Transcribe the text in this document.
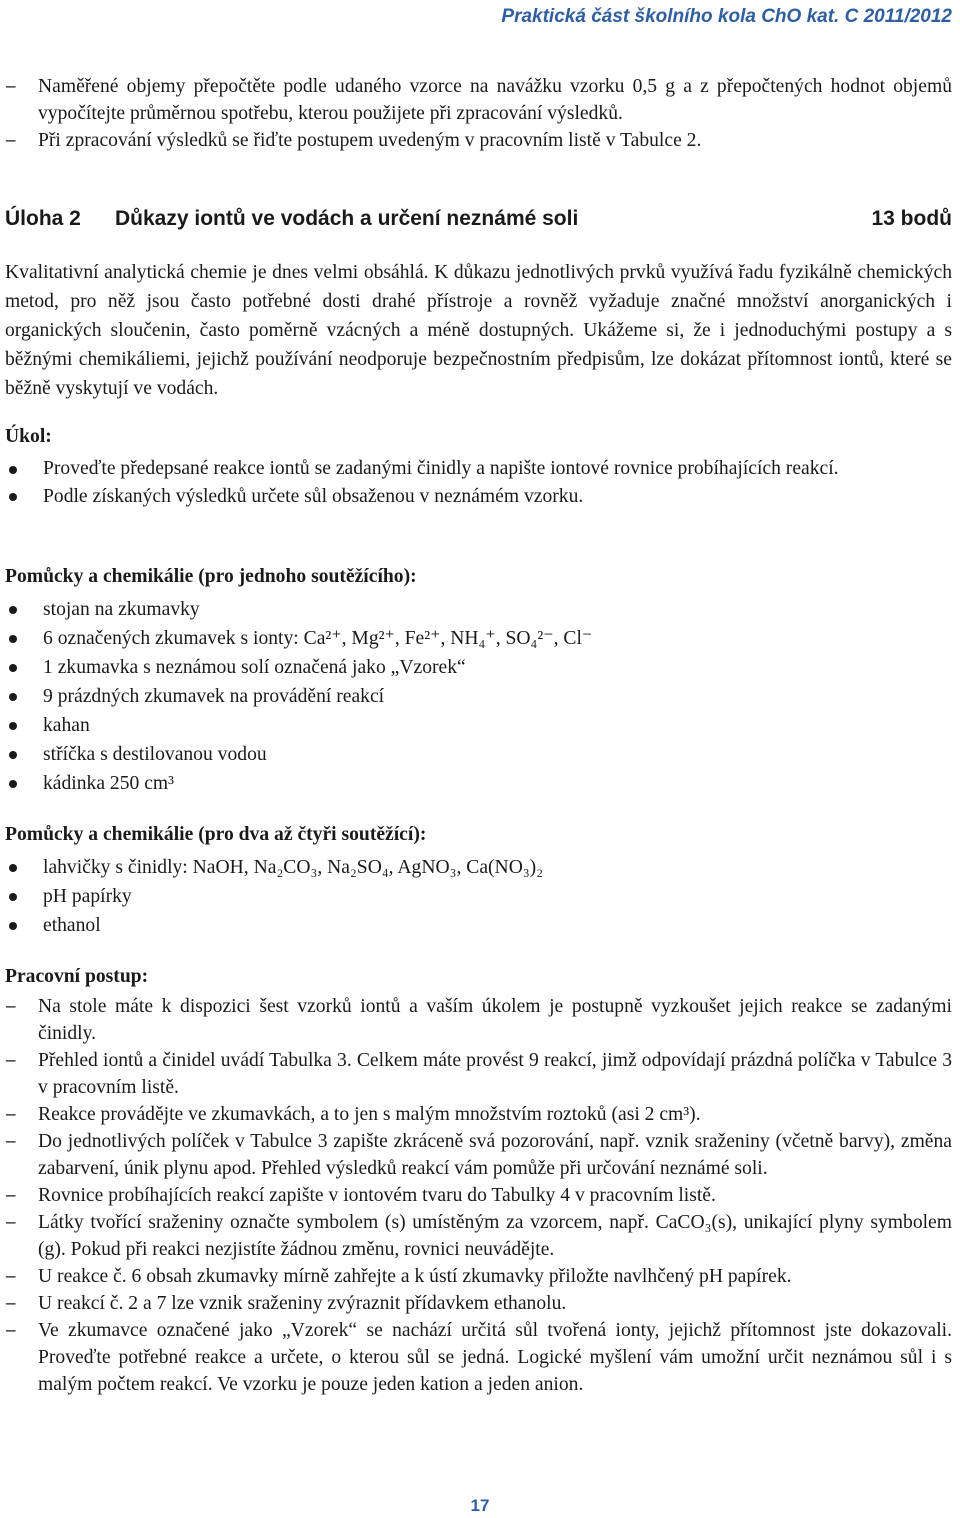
Praktická část školního kola ChO kat. C 2011/2012
‒ Naměřené objemy přepočtěte podle udaného vzorce na navážku vzorku 0,5 g a z přepočtených hodnot objemů vypočítejte průměrnou spotřebu, kterou použijete při zpracování výsledků.
‒ Při zpracování výsledků se řiďte postupem uvedeným v pracovním listě v Tabulce 2.
Úloha 2	Důkazy iontů ve vodách a určení neznámé soli	13 bodů

Kvalitativní analytická chemie je dnes velmi obsáhlá. K důkazu jednotlivých prvků využívá řadu fyzikálně chemických metod, pro něž jsou často potřebné dosti drahé přístroje a rovněž vyžaduje značné množství anorganických i organických sloučenin, často poměrně vzácných a méně dostupných. Ukážeme si, že i jednoduchými postupy a s běžnými chemikáliemi, jejichž používání neodporuje bezpečnostním předpisům, lze dokázat přítomnost iontů, které se běžně vyskytují ve vodách.

Úkol:
Proveďte předepsané reakce iontů se zadanými činidly a napište iontové rovnice probíhajících reakcí.
Podle získaných výsledků určete sůl obsaženou v neznámém vzorku.
Pomůcky a chemikálie (pro jednoho soutěžícího):
stojan na zkumavky
6 označených zkumavek s ionty: Ca²⁺, Mg²⁺, Fe²⁺, NH₄⁺, SO₄²⁻, Cl⁻
1 zkumavka s neznámou solí označená jako „Vzorek“
9 prázdných zkumavek na provádění reakcí
kahan
stříčka s destilovanou vodou
kádinka 250 cm³
Pomůcky a chemikálie (pro dva až čtyři soutěžící):
lahvičky s činidly: NaOH, Na₂CO₃, Na₂SO₄, AgNO₃, Ca(NO₃)₂
pH papírky
ethanol
Pracovní postup:
‒ Na stole máte k dispozici šest vzorků iontů a vaším úkolem je postupně vyzkoušet jejich reakce se zadanými činidly.
‒ Přehled iontů a činidel uvádí Tabulka 3. Celkem máte provést 9 reakcí, jimž odpovídají prázdná políčka v Tabulce 3 v pracovním listě.
‒ Reakce provádějte ve zkumavkách, a to jen s malým množstvím roztoků (asi 2 cm³).
‒ Do jednotlivých políček v Tabulce 3 zapište zkráceně svá pozorování, např. vznik sraženiny (včetně barvy), změna zabarvení, únik plynu apod. Přehled výsledků reakcí vám pomůže při určování neznámé soli.
‒ Rovnice probíhajících reakcí zapište v iontovém tvaru do Tabulky 4 v pracovním listě.
‒ Látky tvořící sraženiny označte symbolem (s) umístěným za vzorcem, např. CaCO₃(s), unikající plyny symbolem (g). Pokud při reakci nezjistíte žádnou změnu, rovnici neuvádějte.
‒ U reakce č. 6 obsah zkumavky mírně zahřejte a k ústí zkumavky přiložte navlhčený pH papírek.
‒ U reakcí č. 2 a 7 lze vznik sraženiny zvýraznit přídavkem ethanolu.
‒ Ve zkumavce označené jako „Vzorek“ se nachází určitá sůl tvořená ionty, jejichž přítomnost jste dokazovali. Proveďte potřebné reakce a určete, o kterou sůl se jedná. Logické myšlení vám umožní určit neznámou sůl i s malým počtem reakcí. Ve vzorku je pouze jeden kation a jeden anion.
17
